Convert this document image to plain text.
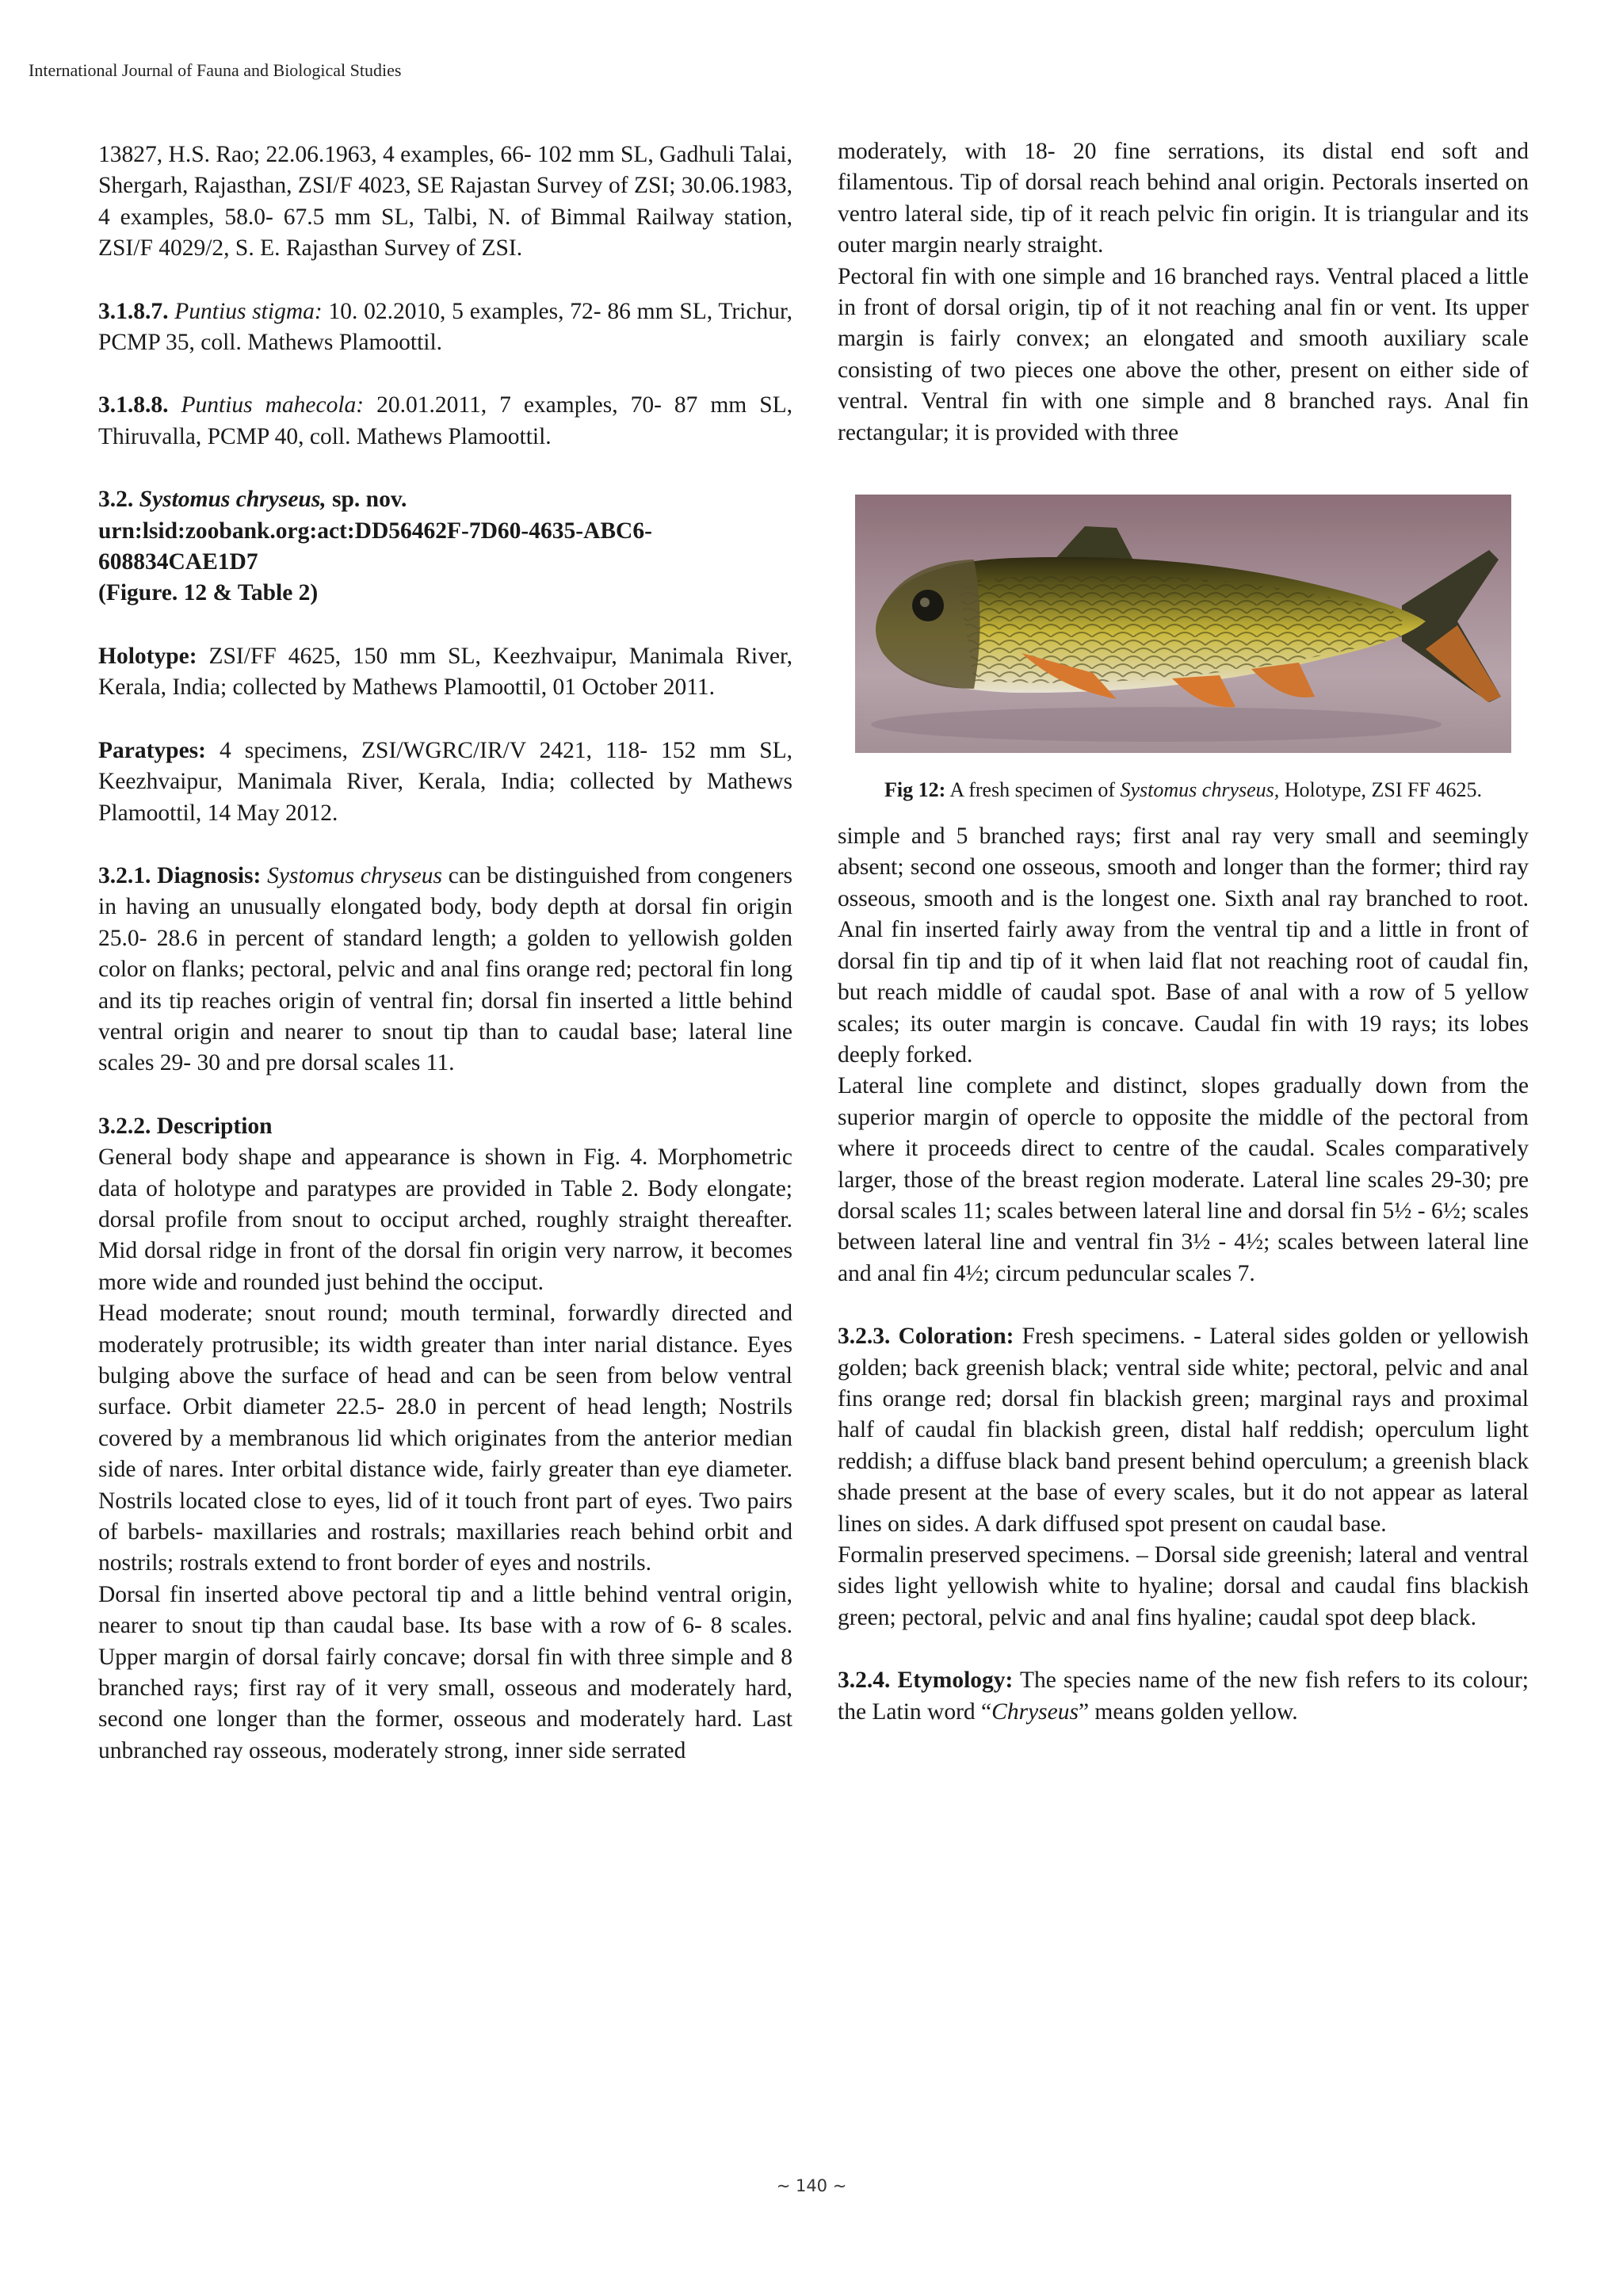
International Journal of Fauna and Biological Studies

13827, H.S. Rao; 22.06.1963, 4 examples, 66- 102 mm SL, Gadhuli Talai, Shergarh, Rajasthan, ZSI/F 4023, SE Rajastan Survey of ZSI; 30.06.1983, 4 examples, 58.0- 67.5 mm SL, Talbi, N. of Bimmal Railway station, ZSI/F 4029/2, S. E. Rajasthan Survey of ZSI.

3.1.8.7. Puntius stigma: 10. 02.2010, 5 examples, 72- 86 mm SL, Trichur, PCMP 35, coll. Mathews Plamoottil.

3.1.8.8. Puntius mahecola: 20.01.2011, 7 examples, 70- 87 mm SL, Thiruvalla, PCMP 40, coll. Mathews Plamoottil.

3.2. Systomus chryseus, sp. nov.
urn:lsid:zoobank.org:act:DD56462F-7D60-4635-ABC6-608834CAE1D7
(Figure. 12 & Table 2)

Holotype: ZSI/FF 4625, 150 mm SL, Keezhvaipur, Manimala River, Kerala, India; collected by Mathews Plamoottil, 01 October 2011.

Paratypes: 4 specimens, ZSI/WGRC/IR/V 2421, 118- 152 mm SL, Keezhvaipur, Manimala River, Kerala, India; collected by Mathews Plamoottil, 14 May 2012.

3.2.1. Diagnosis: Systomus chryseus can be distinguished from congeners in having an unusually elongated body, body depth at dorsal fin origin 25.0- 28.6 in percent of standard length; a golden to yellowish golden color on flanks; pectoral, pelvic and anal fins orange red; pectoral fin long and its tip reaches origin of ventral fin; dorsal fin inserted a little behind ventral origin and nearer to snout tip than to caudal base; lateral line scales 29- 30 and pre dorsal scales 11.

3.2.2. Description

General body shape and appearance is shown in Fig. 4. Morphometric data of holotype and paratypes are provided in Table 2. Body elongate; dorsal profile from snout to occiput arched, roughly straight thereafter. Mid dorsal ridge in front of the dorsal fin origin very narrow, it becomes more wide and rounded just behind the occiput.

Head moderate; snout round; mouth terminal, forwardly directed and moderately protrusible; its width greater than inter narial distance. Eyes bulging above the surface of head and can be seen from below ventral surface. Orbit diameter 22.5- 28.0 in percent of head length; Nostrils covered by a membranous lid which originates from the anterior median side of nares. Inter orbital distance wide, fairly greater than eye diameter. Nostrils located close to eyes, lid of it touch front part of eyes. Two pairs of barbels- maxillaries and rostrals; maxillaries reach behind orbit and nostrils; rostrals extend to front border of eyes and nostrils.

Dorsal fin inserted above pectoral tip and a little behind ventral origin, nearer to snout tip than caudal base. Its base with a row of 6- 8 scales. Upper margin of dorsal fairly concave; dorsal fin with three simple and 8 branched rays; first ray of it very small, osseous and moderately hard, second one longer than the former, osseous and moderately hard. Last unbranched ray osseous, moderately strong, inner side serrated

moderately, with 18- 20 fine serrations, its distal end soft and filamentous. Tip of dorsal reach behind anal origin. Pectorals inserted on ventro lateral side, tip of it reach pelvic fin origin. It is triangular and its outer margin nearly straight.

Pectoral fin with one simple and 16 branched rays. Ventral placed a little in front of dorsal origin, tip of it not reaching anal fin or vent. Its upper margin is fairly convex; an elongated and smooth auxiliary scale consisting of two pieces one above the other, present on either side of ventral. Ventral fin with one simple and 8 branched rays. Anal fin rectangular; it is provided with three

Fig 12: A fresh specimen of Systomus chryseus, Holotype, ZSI FF 4625.

simple and 5 branched rays; first anal ray very small and seemingly absent; second one osseous, smooth and longer than the former; third ray osseous, smooth and is the longest one. Sixth anal ray branched to root. Anal fin inserted fairly away from the ventral tip and a little in front of dorsal fin tip and tip of it when laid flat not reaching root of caudal fin, but reach middle of caudal spot. Base of anal with a row of 5 yellow scales; its outer margin is concave. Caudal fin with 19 rays; its lobes deeply forked.

Lateral line complete and distinct, slopes gradually down from the superior margin of opercle to opposite the middle of the pectoral from where it proceeds direct to centre of the caudal. Scales comparatively larger, those of the breast region moderate. Lateral line scales 29-30; pre dorsal scales 11; scales between lateral line and dorsal fin 5½ - 6½; scales between lateral line and ventral fin 3½ - 4½; scales between lateral line and anal fin 4½; circum peduncular scales 7.

3.2.3. Coloration: Fresh specimens. - Lateral sides golden or yellowish golden; back greenish black; ventral side white; pectoral, pelvic and anal fins orange red; dorsal fin blackish green; marginal rays and proximal half of caudal fin blackish green, distal half reddish; operculum light reddish; a diffuse black band present behind operculum; a greenish black shade present at the base of every scales, but it do not appear as lateral lines on sides. A dark diffused spot present on caudal base.

Formalin preserved specimens. – Dorsal side greenish; lateral and ventral sides light yellowish white to hyaline; dorsal and caudal fins blackish green; pectoral, pelvic and anal fins hyaline; caudal spot deep black.

3.2.4. Etymology: The species name of the new fish refers to its colour; the Latin word “Chryseus” means golden yellow.

~ 140 ~
